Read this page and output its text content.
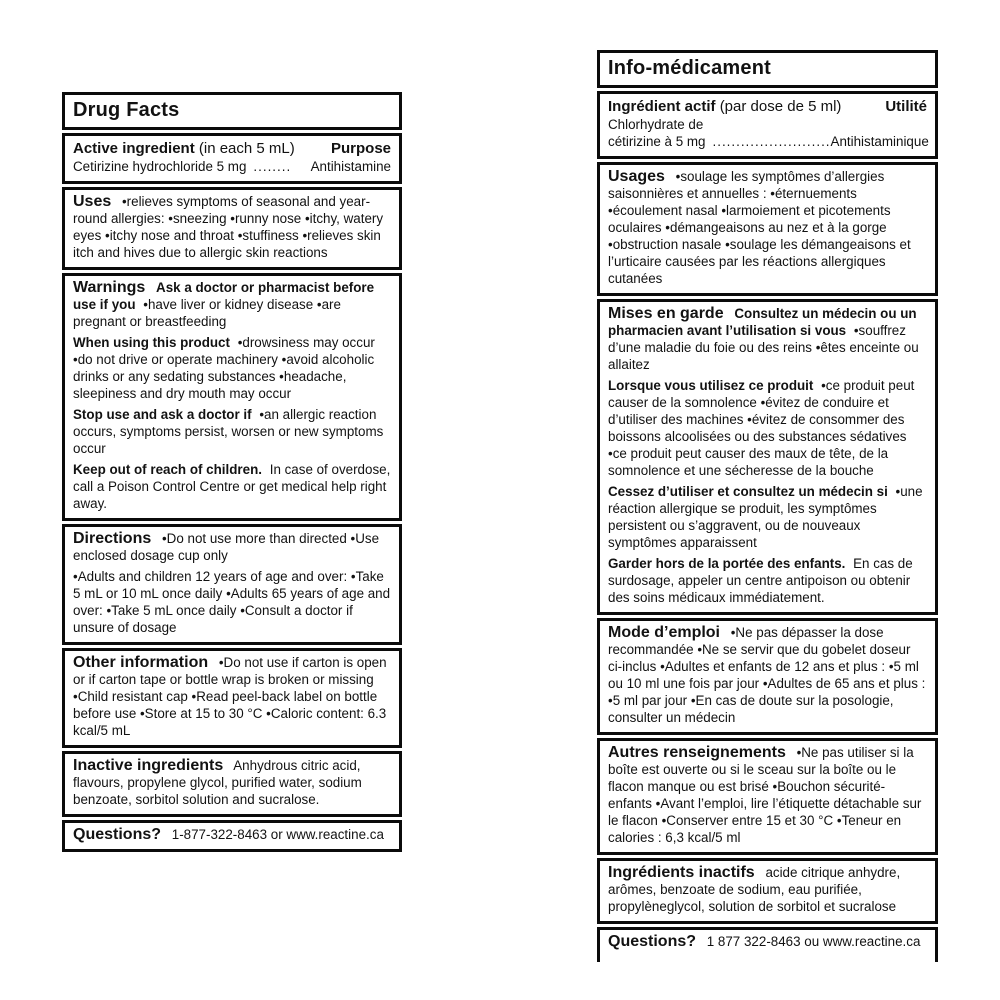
Drug Facts
Active ingredient
(in each 5 mL) Purpose
Cetirizine hydrochloride 5 mg ........ Antihistamine

Uses •relieves symptoms of seasonal and year-round allergies: •sneezing •runny nose •itchy, watery eyes •itchy nose and throat •stuffiness •relieves skin itch and hives due to allergic skin reactions

Warnings Ask a doctor or pharmacist before use if you •have liver or kidney disease •are pregnant or breastfeeding

When using this product •drowsiness may occur •do not drive or operate machinery •avoid alcoholic drinks or any sedating substances •headache, sleepiness and dry mouth may occur

Stop use and ask a doctor if •an allergic reaction occurs, symptoms persist, worsen or new symptoms occur

Keep out of reach of children. In case of overdose, call a Poison Control Centre or get medical help right away.

Directions •Do not use more than directed •Use enclosed dosage cup only

•Adults and children 12 years of age and over: •Take 5 mL or 10 mL once daily •Adults 65 years of age and over: •Take 5 mL once daily •Consult a doctor if unsure of dosage

Other information •Do not use if carton is open or if carton tape or bottle wrap is broken or missing •Child resistant cap •Read peel-back label on bottle before use •Store at 15 to 30 °C •Caloric content: 6.3 kcal/5 mL

Inactive ingredients Anhydrous citric acid, flavours, propylene glycol, purified water, sodium benzoate, sorbitol solution and sucralose.

Questions? 1-877-322-8463 or www.reactine.ca

Info-médicament
Ingrédient actif
(par dose de 5 ml)	Utilité
Chlorhydrate de
cétirizine à 5 mg ......................... Antihistaminique

Usages •soulage les symptômes d’allergies saisonnières et annuelles : •éternuements •écoulement nasal •larmoiement et picotements oculaires •démangeaisons au nez et à la gorge •obstruction nasale •soulage les démangeaisons et l’urticaire causées par les réactions allergiques cutanées

Mises en garde Consultez un médecin ou un pharmacien avant l’utilisation si vous •souffrez d’une maladie du foie ou des reins •êtes enceinte ou allaitez

Lorsque vous utilisez ce produit •ce produit peut causer de la somnolence •évitez de conduire et d’utiliser des machines •évitez de consommer des boissons alcoolisées ou des substances sédatives •ce produit peut causer des maux de tête, de la somnolence et une sécheresse de la bouche

Cessez d’utiliser et consultez un médecin si •une réaction allergique se produit, les symptômes persistent ou s’aggravent, ou de nouveaux symptômes apparaissent

Garder hors de la portée des enfants. En cas de surdosage, appeler un centre antipoison ou obtenir des soins médicaux immédiatement.

Mode d’emploi •Ne pas dépasser la dose recommandée •Ne se servir que du gobelet doseur ci-inclus •Adultes et enfants de 12 ans et plus : •5 ml ou 10 ml une fois par jour •Adultes de 65 ans et plus : •5 ml par jour •En cas de doute sur la posologie, consulter un médecin

Autres renseignements •Ne pas utiliser si la boîte est ouverte ou si le sceau sur la boîte ou le flacon manque ou est brisé •Bouchon sécurité-enfants •Avant l’emploi, lire l’étiquette détachable sur le flacon •Conserver entre 15 et 30 °C •Teneur en calories : 6,3 kcal/5 ml

Ingrédients inactifs acide citrique anhydre, arômes, benzoate de sodium, eau purifiée, propylèneglycol, solution de sorbitol et sucralose

Questions? 1 877 322-8463 ou www.reactine.ca
